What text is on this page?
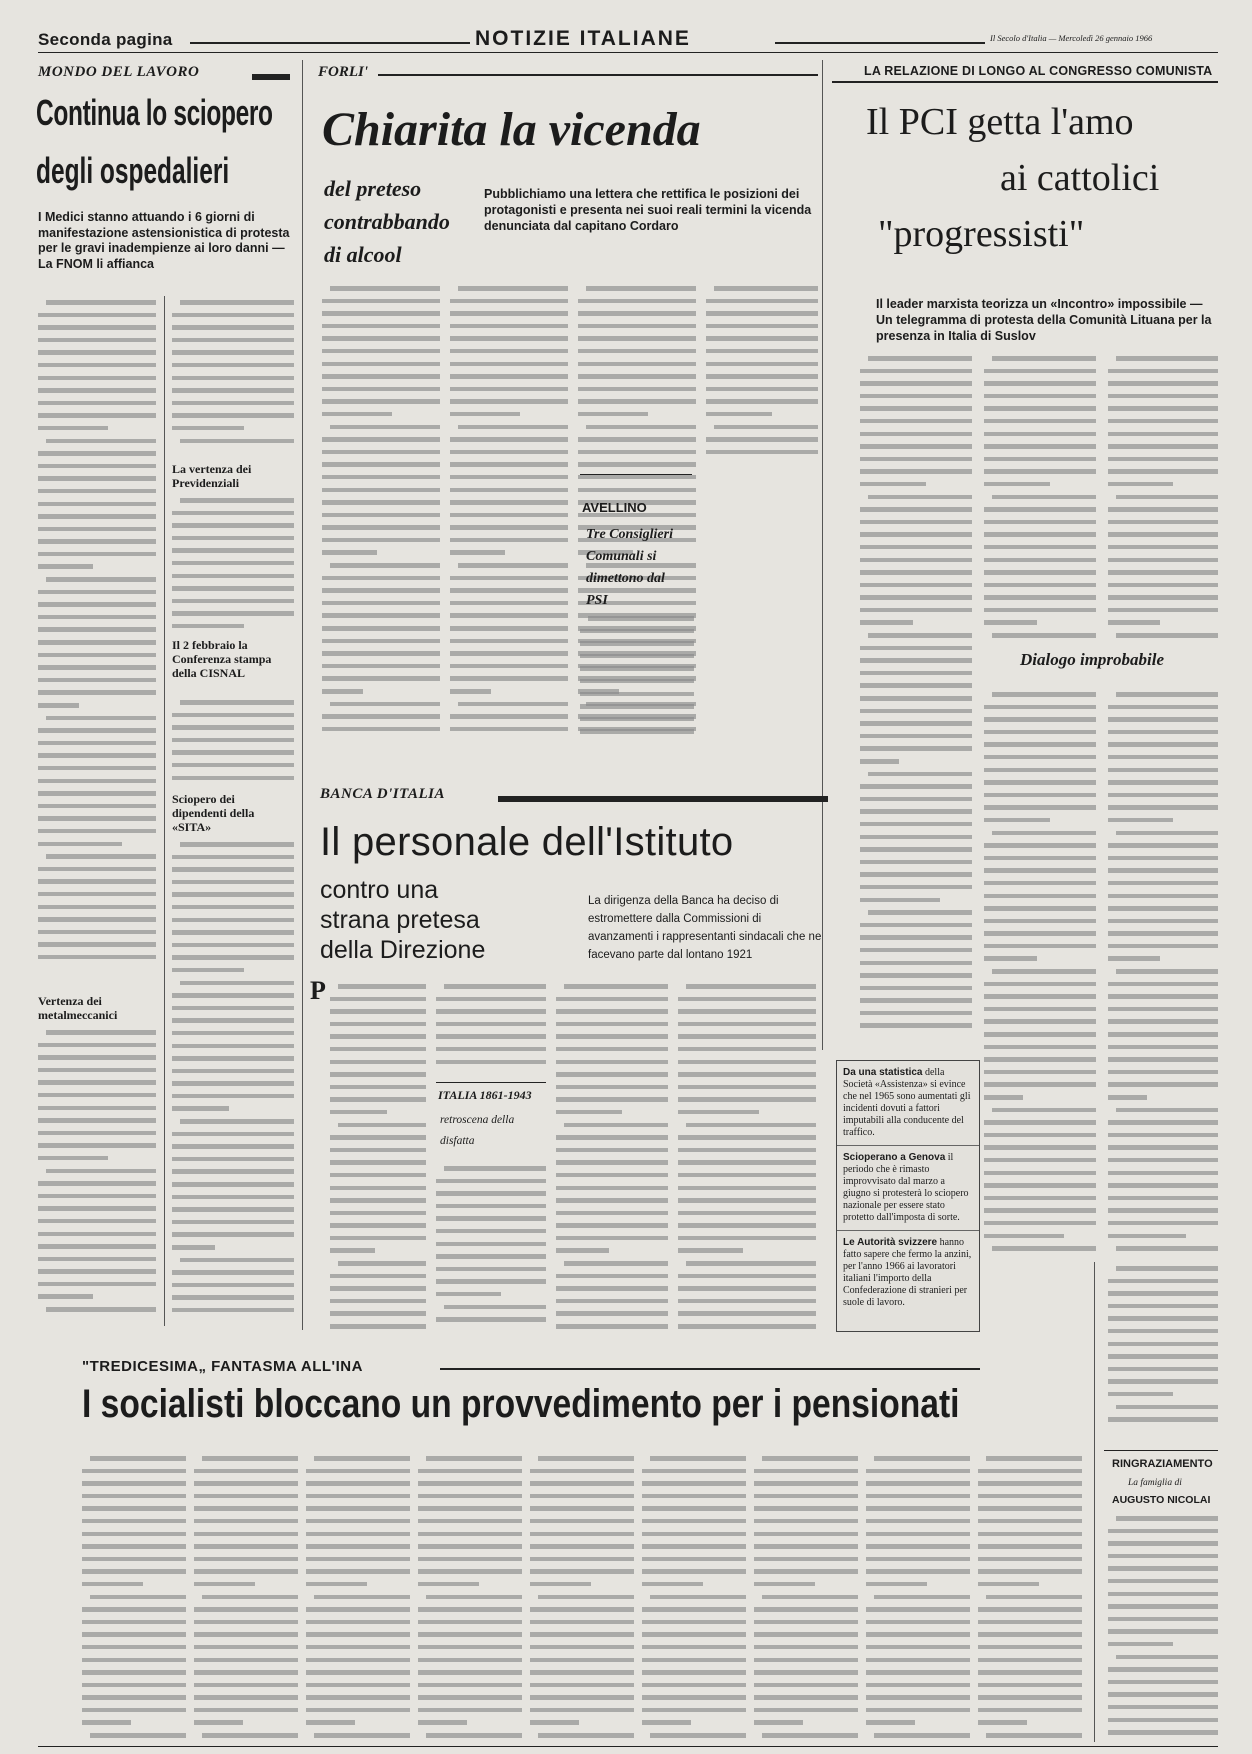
Seconda pagina	NOTIZIE ITALIANE	Il Secolo d'Italia — Mercoledì 26 gennaio 1966
MONDO DEL LAVORO
Continua lo sciopero
degli ospedalieri
I Medici stanno attuando i 6 giorni di manifestazione astensionistica di protesta per le gravi inadempienze ai loro danni — La FNOM li affianca
La vertenza dei Previdenziali
Il 2 febbraio la Conferenza stampa della CISNAL
Sciopero dei dipendenti della «SITA»
Vertenza dei metalmeccanici
FORLI'
Chiarita la vicenda
del preteso contrabbando di alcool
Pubblichiamo una lettera che rettifica le posizioni dei protagonisti e presenta nei suoi reali termini la vicenda denunciata dal capitano Cordaro
AVELLINO
Tre Consiglieri Comunali si dimettono dal PSI
LA RELAZIONE DI LONGO AL CONGRESSO COMUNISTA
Il PCI getta l'amo
ai cattolici
"progressisti"
Il leader marxista teorizza un «Incontro» impossibile — Un telegramma di protesta della Comunità Lituana per la presenza in Italia di Suslov
Dialogo improbabile
BANCA D'ITALIA
Il personale dell'Istituto
contro una
strana pretesa
della Direzione
La dirigenza della Banca ha deciso di estromettere dalla Commissioni di avanzamenti i rappresentanti sindacali che ne facevano parte dal lontano 1921
P
ITALIA 1861-1943
retroscena della disfatta
Da una statistica della Società «Assistenza» si evince che nel 1965 sono aumentati gli incidenti dovuti a fattori imputabili alla conducente del traffico.
Scioperano a Genova il periodo che è rimasto improvvisato dal marzo a giugno si protesterà lo sciopero nazionale per essere stato protetto dall'imposta di sorte.
Le Autorità svizzere hanno fatto sapere che fermo la anzini, per l'anno 1966 ai lavoratori italiani l'importo della Confederazione di stranieri per suole di lavoro.
"TREDICESIMA„ FANTASMA ALL'INA
I socialisti bloccano un provvedimento per i pensionati
RINGRAZIAMENTO
La famiglia di
AUGUSTO NICOLAI
